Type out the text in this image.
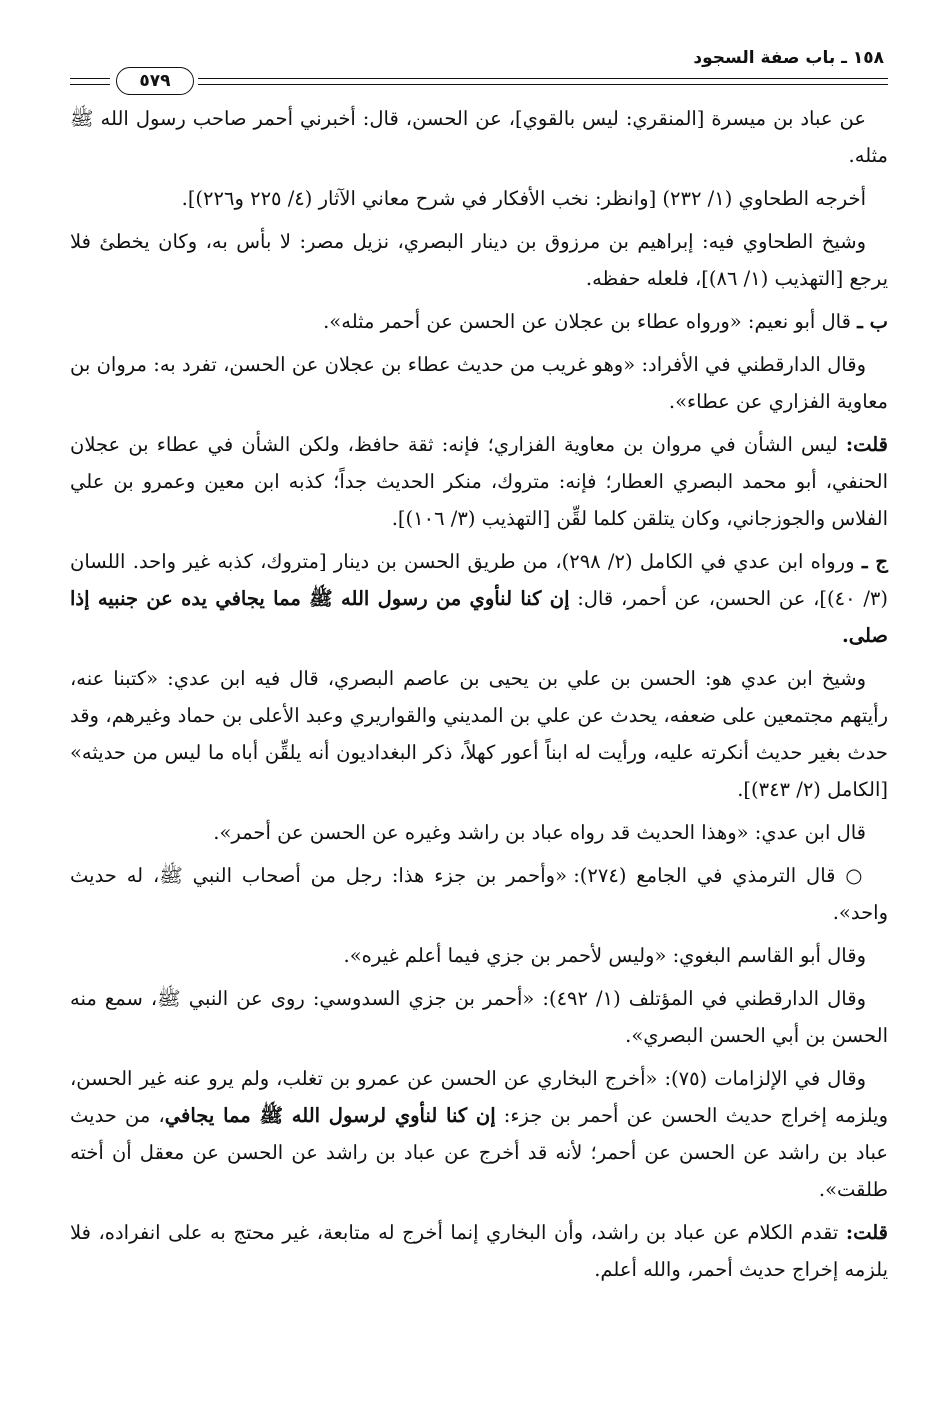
١٥٨ ـ باب صفة السجود
٥٧٩

عن عباد بن ميسرة [المنقري: ليس بالقوي]، عن الحسن، قال: أخبرني أحمر صاحب رسول الله ﷺ مثله.

أخرجه الطحاوي (١/ ٢٣٢) [وانظر: نخب الأفكار في شرح معاني الآثار (٤/ ٢٢٥ و٢٢٦)].

وشيخ الطحاوي فيه: إبراهيم بن مرزوق بن دينار البصري، نزيل مصر: لا بأس به، وكان يخطئ فلا يرجع [التهذيب (١/ ٨٦)]، فلعله حفظه.

ب ـ قال أبو نعيم: «ورواه عطاء بن عجلان عن الحسن عن أحمر مثله».

وقال الدارقطني في الأفراد: «وهو غريب من حديث عطاء بن عجلان عن الحسن، تفرد به: مروان بن معاوية الفزاري عن عطاء».

قلت: ليس الشأن في مروان بن معاوية الفزاري؛ فإنه: ثقة حافظ، ولكن الشأن في عطاء بن عجلان الحنفي، أبو محمد البصري العطار؛ فإنه: متروك، منكر الحديث جداً؛ كذبه ابن معين وعمرو بن علي الفلاس والجوزجاني، وكان يتلقن كلما لقِّن [التهذيب (٣/ ١٠٦)].

ج ـ ورواه ابن عدي في الكامل (٢/ ٢٩٨)، من طريق الحسن بن دينار [متروك، كذبه غير واحد. اللسان (٣/ ٤٠)]، عن الحسن، عن أحمر، قال: إن كنا لنأوي من رسول الله ﷺ مما يجافي يده عن جنبيه إذا صلى.

وشيخ ابن عدي هو: الحسن بن علي بن يحيى بن عاصم البصري، قال فيه ابن عدي: «كتبنا عنه، رأيتهم مجتمعين على ضعفه، يحدث عن علي بن المديني والقواريري وعبد الأعلى بن حماد وغيرهم، وقد حدث بغير حديث أنكرته عليه، ورأيت له ابناً أعور كهلاً، ذكر البغداديون أنه يلقِّن أباه ما ليس من حديثه» [الكامل (٢/ ٣٤٣)].

قال ابن عدي: «وهذا الحديث قد رواه عباد بن راشد وغيره عن الحسن عن أحمر».

○ قال الترمذي في الجامع (٢٧٤): «وأحمر بن جزء هذا: رجل من أصحاب النبي ﷺ، له حديث واحد».

وقال أبو القاسم البغوي: «وليس لأحمر بن جزي فيما أعلم غيره».

وقال الدارقطني في المؤتلف (١/ ٤٩٢): «أحمر بن جزي السدوسي: روى عن النبي ﷺ، سمع منه الحسن بن أبي الحسن البصري».

وقال في الإلزامات (٧٥): «أخرج البخاري عن الحسن عن عمرو بن تغلب، ولم يرو عنه غير الحسن، ويلزمه إخراج حديث الحسن عن أحمر بن جزء: إن كنا لنأوي لرسول الله ﷺ مما يجافي، من حديث عباد بن راشد عن الحسن عن أحمر؛ لأنه قد أخرج عن عباد بن راشد عن الحسن عن معقل أن أخته طلقت».

قلت: تقدم الكلام عن عباد بن راشد، وأن البخاري إنما أخرج له متابعة، غير محتج به على انفراده، فلا يلزمه إخراج حديث أحمر، والله أعلم.
